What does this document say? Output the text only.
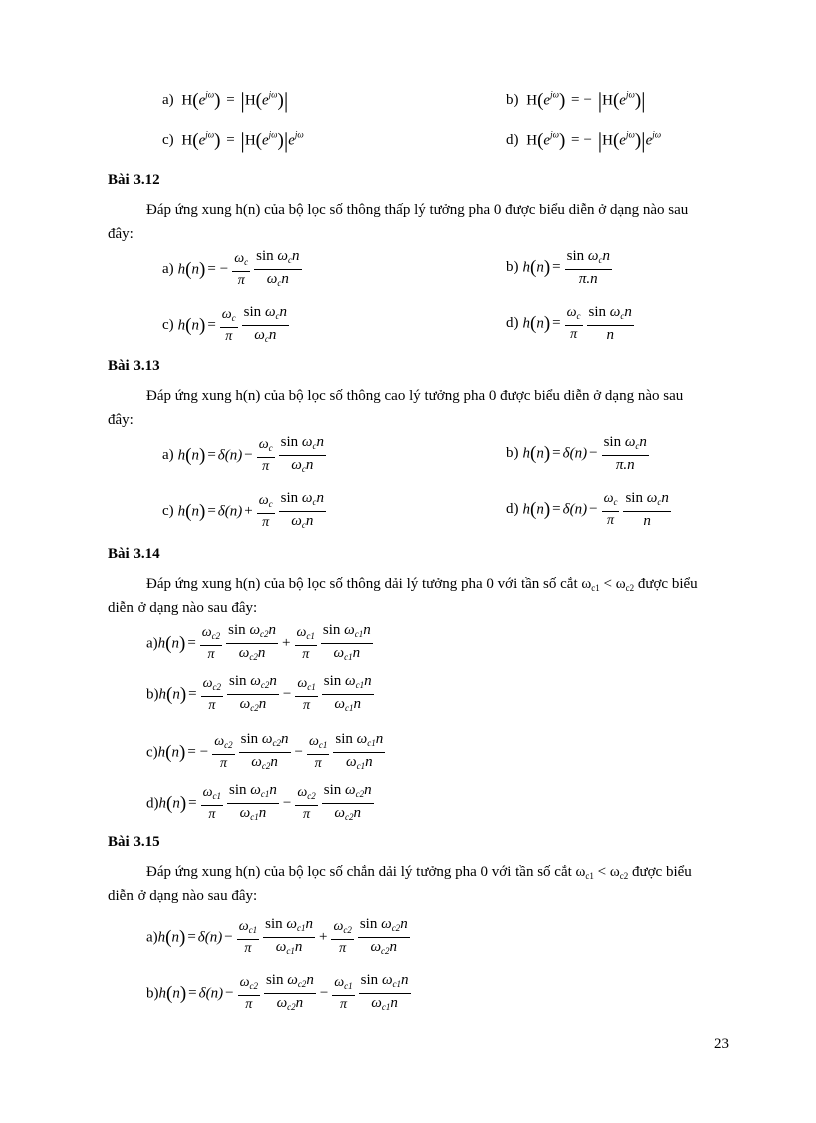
a) $H(e^{j\omega}) = |H(e^{j\omega})|$	b) $H(e^{j\omega})$ = − $|H(e^{j\omega})|$
c) $H(e^{j\omega}) = |H(e^{j\omega})|e^{j\omega}$	d) $H(e^{j\omega})$ = − $|H(e^{j\omega})|e^{j\omega}$
Bài 3.12
Đáp ứng xung h(n) của bộ lọc số thông thấp lý tưởng pha 0 được biểu diễn ở dạng nào sau
đây:
a) h(n) = − $\frac{\omega_c}{\pi} \frac{\sin \omega_cn}{\omega_cn}$	b) $h(n) = \frac{\sin \omega_cn}{\pi.n}$
c) $h(n) = \frac{\omega_c}{\pi} \frac{\sin \omega_cn}{\omega_cn}$	d) $h(n) = \frac{\omega_c}{\pi} \frac{\sin \omega_cn}{n}$
Bài 3.13
Đáp ứng xung h(n) của bộ lọc số thông cao lý tưởng pha 0 được biểu diễn ở dạng nào sau
đây:
a) $h(n) = \delta(n) - \frac{\omega_c}{\pi} \frac{\sin \omega_cn}{\omega_cn}$	b) $h(n) = \delta(n) - \frac{\sin \omega_cn}{\pi.n}$
c) $h(n) = \delta(n) + \frac{\omega_c}{\pi} \frac{\sin \omega_cn}{\omega_cn}$	d) $h(n) = \delta(n) - \frac{\omega_c}{\pi} \frac{\sin \omega_cn}{n}$
Bài 3.14
Đáp ứng xung h(n) của bộ lọc số thông dải lý tưởng pha 0 với tần số cắt $\omega_{c1} < \omega_{c2}$ được biểu
diễn ở dạng nào sau đây:
$a)h(n) = \frac{\omega_{c2}}{\pi} \frac{\sin \omega_{c2}n}{\omega_{c2}n} + \frac{\omega_{c1}}{\pi} \frac{\sin \omega_{c1}n}{\omega_{c1}n}$
$b)h(n) = \frac{\omega_{c2}}{\pi} \frac{\sin \omega_{c2}n}{\omega_{c2}n} - \frac{\omega_{c1}}{\pi} \frac{\sin \omega_{c1}n}{\omega_{c1}n}$
c)h(n) = − $\frac{\omega_{c2}}{\pi} \frac{\sin \omega_{c2}n}{\omega_{c2}n} - \frac{\omega_{c1}}{\pi} \frac{\sin \omega_{c1}n}{\omega_{c1}n}$
$d)h(n) = \frac{\omega_{c1}}{\pi} \frac{\sin \omega_{c1}n}{\omega_{c1}n} - \frac{\omega_{c2}}{\pi} \frac{\sin \omega_{c2}n}{\omega_{c2}n}$
Bài 3.15
Đáp ứng xung h(n) của bộ lọc số chắn dải lý tưởng pha 0 với tần số cắt $\omega_{c1} < \omega_{c2}$ được biểu
diễn ở dạng nào sau đây:
$a)h(n) = \delta(n) - \frac{\omega_{c1}}{\pi} \frac{\sin \omega_{c1}n}{\omega_{c1}n} + \frac{\omega_{c2}}{\pi} \frac{\sin \omega_{c2}n}{\omega_{c2}n}$
$b)h(n) = \delta(n) - \frac{\omega_{c2}}{\pi} \frac{\sin \omega_{c2}n}{\omega_{c2}n} - \frac{\omega_{c1}}{\pi} \frac{\sin \omega_{c1}n}{\omega_{c1}n}$
23
